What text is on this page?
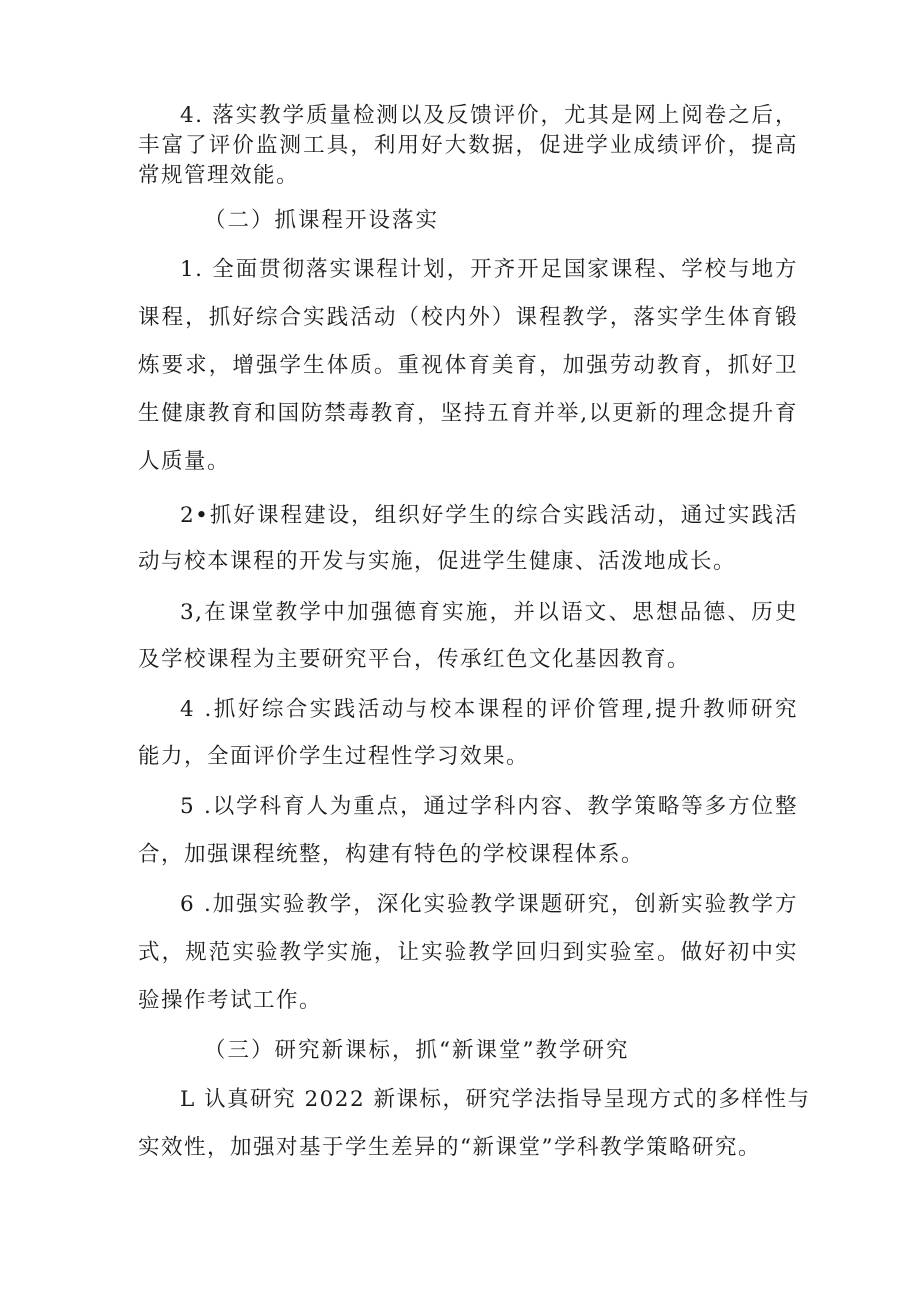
4. 落实教学质量检测以及反馈评价，尤其是网上阅卷之后，
丰富了评价监测工具，利用好大数据，促进学业成绩评价，提高
常规管理效能。
（二）抓课程开设落实
1. 全面贯彻落实课程计划，开齐开足国家课程、学校与地方
课程，抓好综合实践活动（校内外）课程教学，落实学生体育锻
炼要求，增强学生体质。重视体育美育，加强劳动教育，抓好卫
生健康教育和国防禁毒教育，坚持五育并举,以更新的理念提升育
人质量。
2•抓好课程建设，组织好学生的综合实践活动，通过实践活
动与校本课程的开发与实施，促进学生健康、活泼地成长。
3,在课堂教学中加强德育实施，并以语文、思想品德、历史
及学校课程为主要研究平台，传承红色文化基因教育。
4 .抓好综合实践活动与校本课程的评价管理,提升教师研究
能力，全面评价学生过程性学习效果。
5 .以学科育人为重点，通过学科内容、教学策略等多方位整
合，加强课程统整，构建有特色的学校课程体系。
6 .加强实验教学，深化实验教学课题研究，创新实验教学方
式，规范实验教学实施，让实验教学回归到实验室。做好初中实
验操作考试工作。
（三）研究新课标，抓“新课堂”教学研究
L 认真研究 2022 新课标，研究学法指导呈现方式的多样性与
实效性，加强对基于学生差异的“新课堂”学科教学策略研究。
